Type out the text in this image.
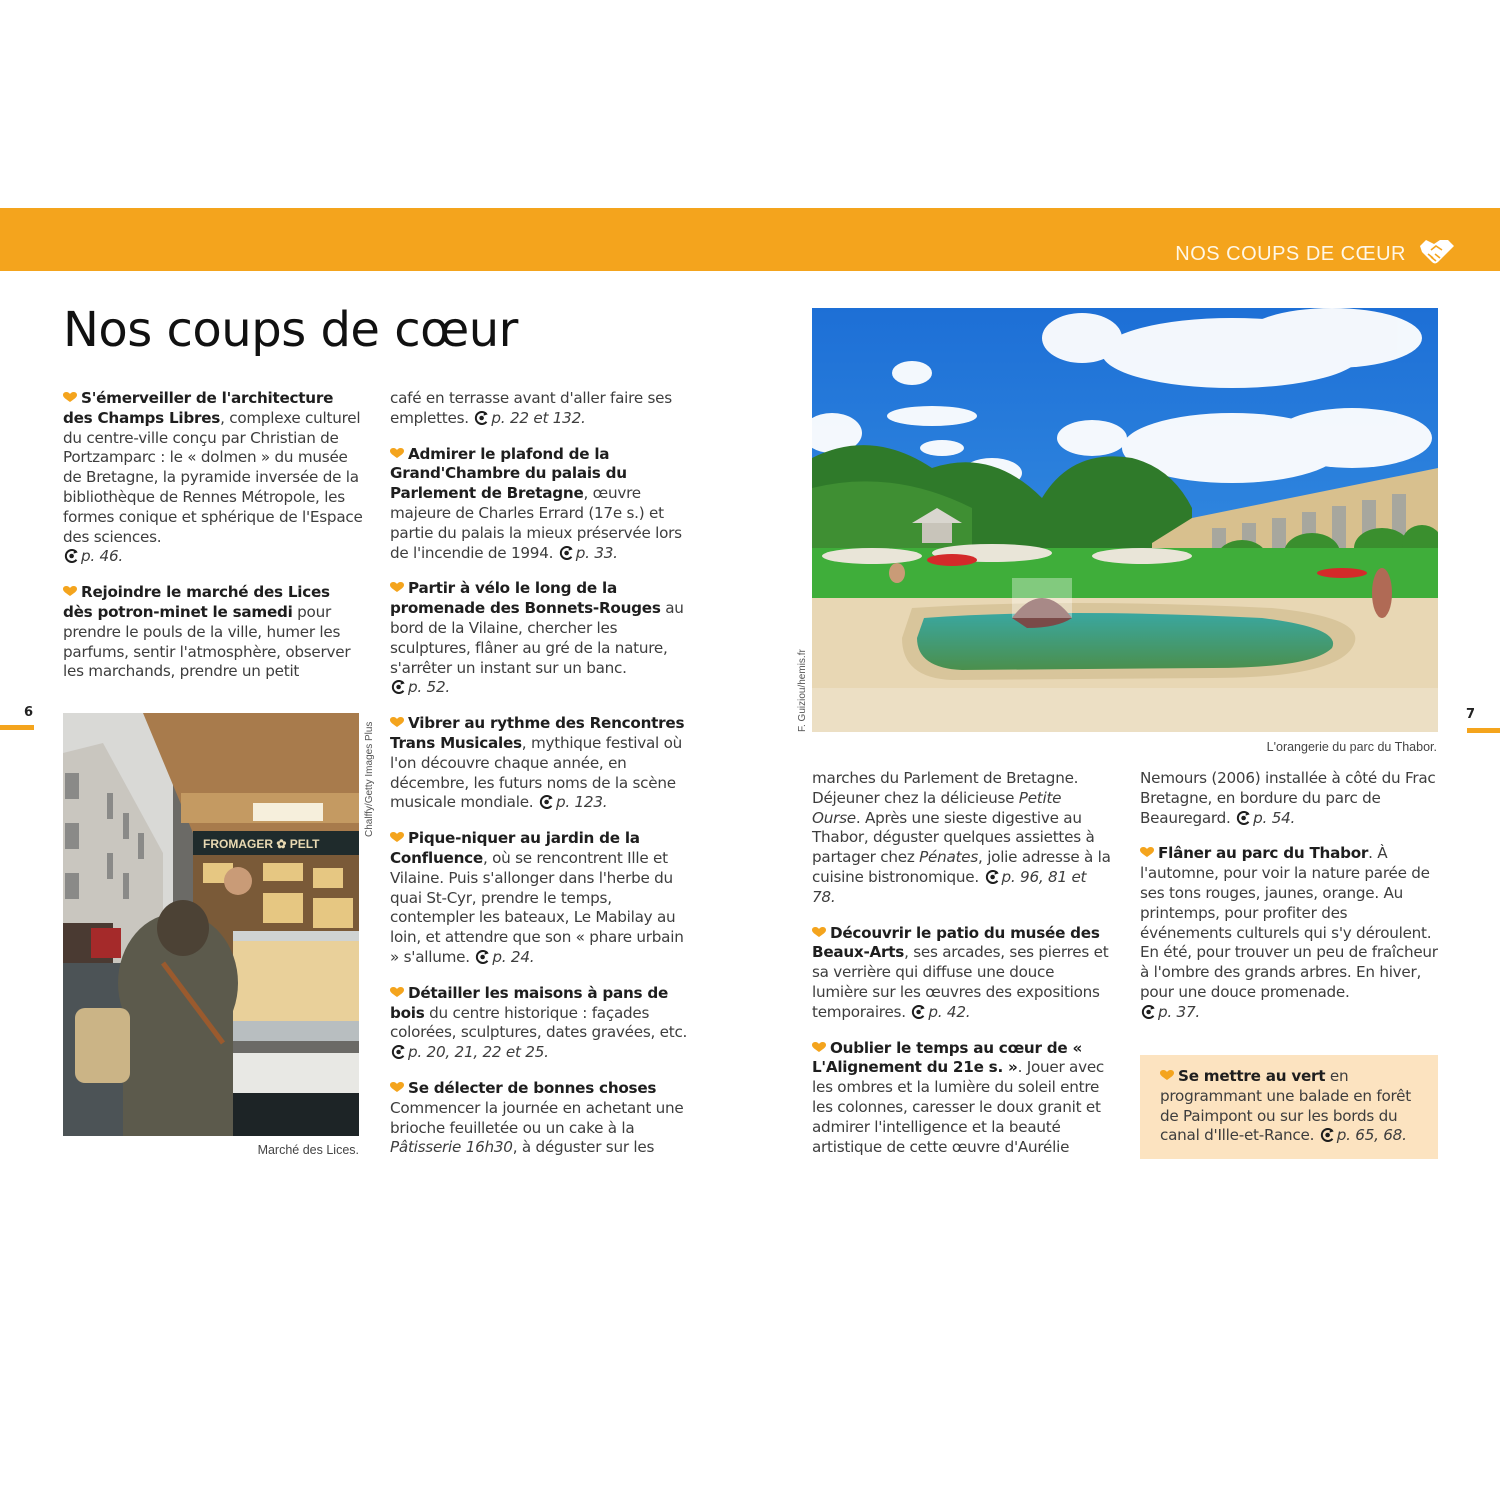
NOS COUPS DE CŒUR
Nos coups de cœur

S'émerveiller de l'architecture des Champs Libres, complexe culturel du centre-ville conçu par Christian de Portzamparc : le « dolmen » du musée de Bretagne, la pyramide inversée de la bibliothèque de Rennes Métropole, les formes conique et sphérique de l'Espace des sciences.
p. 46.

Rejoindre le marché des Lices dès potron-minet le samedi pour prendre le pouls de la ville, humer les parfums, sentir l'atmosphère, observer les marchands, prendre un petit

FROMAGER ✿ PELT
Chalffy/Getty Images Plus
Marché des Lices.
6

café en terrasse avant d'aller faire ses emplettes. p. 22 et 132.

Admirer le plafond de la Grand'Chambre du palais du Parlement de Bretagne, œuvre majeure de Charles Errard (17e s.) et partie du palais la mieux préservée lors de l'incendie de 1994. p. 33.

Partir à vélo le long de la promenade des Bonnets-Rouges au bord de la Vilaine, chercher les sculptures, flâner au gré de la nature, s'arrêter un instant sur un banc.
p. 52.

Vibrer au rythme des Rencontres Trans Musicales, mythique festival où l'on découvre chaque année, en décembre, les futurs noms de la scène musicale mondiale. p. 123.

Pique-niquer au jardin de la Confluence, où se rencontrent Ille et Vilaine. Puis s'allonger dans l'herbe du quai St-Cyr, prendre le temps, contempler les bateaux, Le Mabilay au loin, et attendre que son « phare urbain » s'allume. p. 24.

Détailler les maisons à pans de bois du centre historique : façades colorées, sculptures, dates gravées, etc. p. 20, 21, 22 et 25.

Se délecter de bonnes choses
Commencer la journée en achetant une brioche feuilletée ou un cake à la Pâtisserie 16h30, à déguster sur les

F. Guiziou/hemis.fr
L'orangerie du parc du Thabor.
7

marches du Parlement de Bretagne. Déjeuner chez la délicieuse Petite Ourse. Après une sieste digestive au Thabor, déguster quelques assiettes à partager chez Pénates, jolie adresse à la cuisine bistronomique. p. 96, 81 et 78.

Découvrir le patio du musée des Beaux-Arts, ses arcades, ses pierres et sa verrière qui diffuse une douce lumière sur les œuvres des expositions temporaires. p. 42.

Oublier le temps au cœur de « L'Alignement du 21e s. ». Jouer avec les ombres et la lumière du soleil entre les colonnes, caresser le doux granit et admirer l'intelligence et la beauté artistique de cette œuvre d'Aurélie

Nemours (2006) installée à côté du Frac Bretagne, en bordure du parc de Beauregard. p. 54.

Flâner au parc du Thabor. À l'automne, pour voir la nature parée de ses tons rouges, jaunes, orange. Au printemps, pour profiter des événements culturels qui s'y déroulent. En été, pour trouver un peu de fraîcheur à l'ombre des grands arbres. En hiver, pour une douce promenade.
p. 37.

Se mettre au vert en programmant une balade en forêt de Paimpont ou sur les bords du canal d'Ille-et-Rance. p. 65, 68.
